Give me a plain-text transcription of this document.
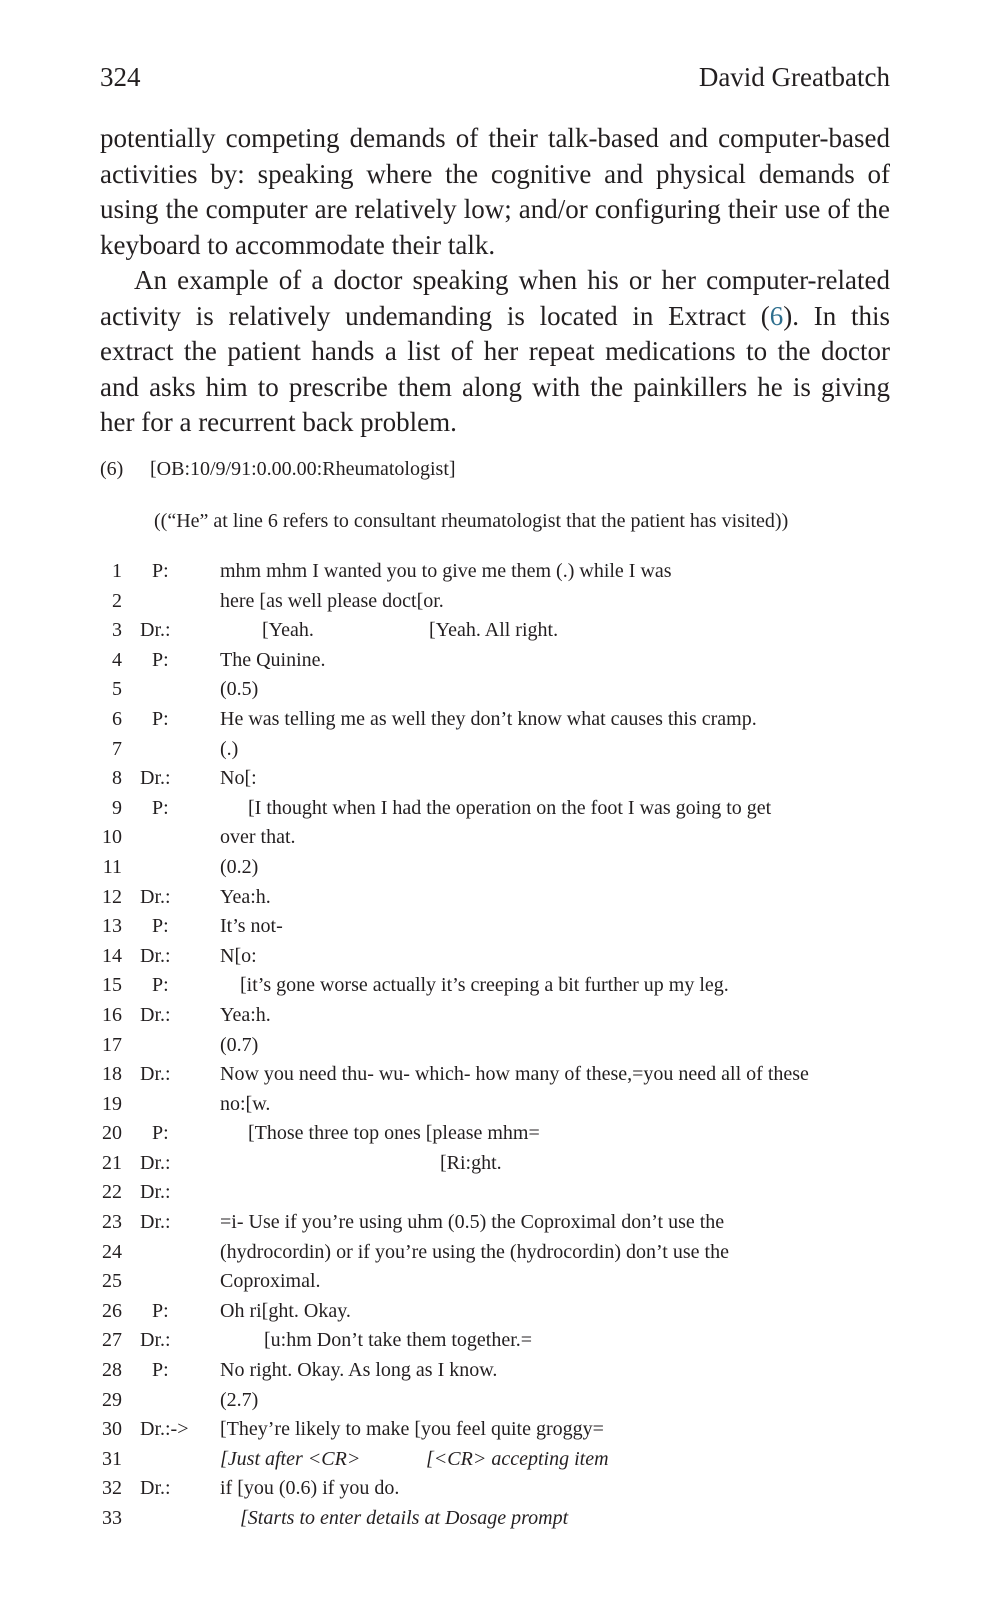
324	David Greatbatch

potentially competing demands of their talk-based and computer-based activities by: speaking where the cognitive and physical demands of using the computer are relatively low; and/or configuring their use of the keyboard to accommodate their talk.

An example of a doctor speaking when his or her computer-related activity is relatively undemanding is located in Extract (6). In this extract the patient hands a list of her repeat medications to the doctor and asks him to prescribe them along with the painkillers he is giving her for a recurrent back problem.

(6) [OB:10/9/91:0.00.00:Rheumatologist]
((“He” at line 6 refers to consultant rheumatologist that the patient has visited))
1 P:	mhm mhm I wanted you to give me them (.) while I was
2	here [as well please doct[or.
3 Dr.:	[Yeah.	[Yeah. All right.
4 P:	The Quinine.
5	(0.5)
6 P:	He was telling me as well they don’t know what causes this cramp.
7	(.)
8 Dr.: No[:
9 P:	[I thought when I had the operation on the foot I was going to get
10	over that.
11	(0.2)
12 Dr.: Yea:h.
13 P:	It’s not-
14 Dr.: N[o:
15 P:	[it’s gone worse actually it’s creeping a bit further up my leg.
16 Dr.: Yea:h.
17	(0.7)
18 Dr.: Now you need thu- wu- which- how many of these,=you need all of these
19	no:[w.
20 P:	[Those three top ones [please mhm=
21 Dr.:	[Ri:ght.
22 Dr.:
23 Dr.: =i- Use if you’re using uhm (0.5) the Coproximal don’t use the
24	(hydrocordin) or if you’re using the (hydrocordin) don’t use the
25	Coproximal.
26 P:	Oh ri[ght. Okay.
27 Dr.:	[u:hm Don’t take them together.=
28 P:	No right. Okay. As long as I know.
29	(2.7)
30 Dr.:-> [They’re likely to make [you feel quite groggy=
31	[Just after <CR>	[<CR> accepting item
32 Dr.: if [you (0.6) if you do.
33	[Starts to enter details at Dosage prompt
